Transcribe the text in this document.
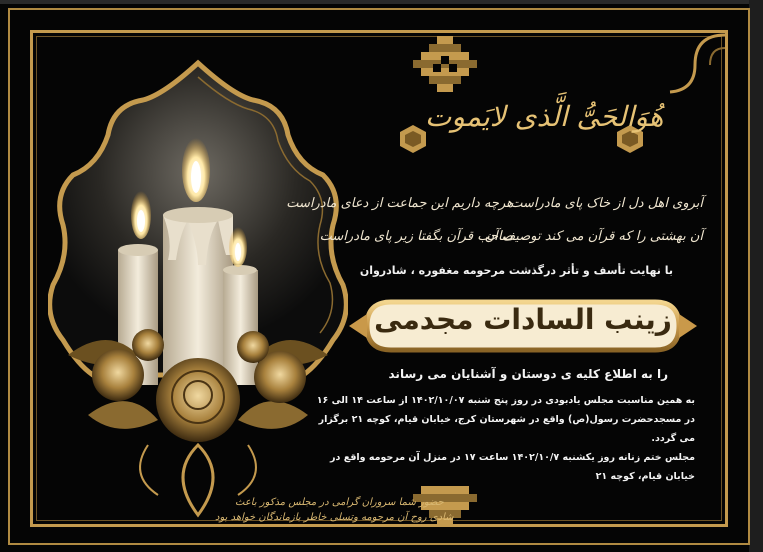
هُوَالحَیُّ الَّذی لایَموت
آبروی اهل دل از خاک پای مادراست
آن بهشتی را که قرآن می کند توصیف آن
هرچه داریم این جماعت از دعای مادراست
صاحب قرآن بگفتا زیر پای مادراست
با نهایت تأسف و تأثر درگذشت مرحومه مغفوره ، شادروان
زینب السادات مجدمی
را به اطلاع کلیه ی دوستان و آشنایان می رساند
به همین مناسبت مجلس یادبودی در روز پنج شنبه ۱۴۰۲/۱۰/۰۷ از ساعت ۱۴ الی ۱۶
در مسجدحضرت رسول(ص) واقع در شهرستان کرج، خیابان قیام، کوچه ۲۱ برگزار
می گردد.
مجلس ختم زنانه روز یکشنبه ۱۴۰۲/۱۰/۷ ساعت ۱۷ در منزل آن مرحومه واقع در
خیابان قیام، کوچه ۲۱
حضور شما سروران گرامی در مجلس مذکور باعث
شادی روح آن مرحومه وتسلی خاطر بازماندگان خواهد بود
